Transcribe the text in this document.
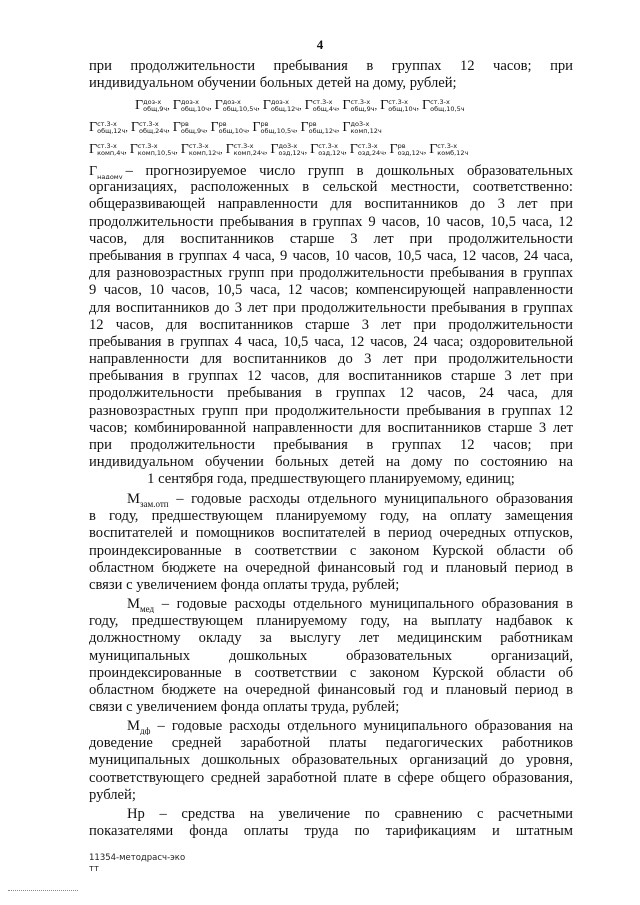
4
при продолжительности пребывания в группах 12 часов; при
индивидуальном обучении больных детей на дому, рублей;
Г доз-х
общ,9ч , Г доз-х
общ,10ч , Г доз-х
общ,10,5ч , Г доз-х
общ,12ч , Г ст.3-х
общ,4ч , Г ст.3-х
общ,9ч , Г ст.3-х
общ,10ч , Г ст.3-х
общ,10,5ч
Г ст.3-х
общ,12ч , Г ст.3-х
общ,24ч , Г рв
общ,9ч , Г рв
общ,10ч , Г рв
общ,10,5ч , Г рв
общ,12ч , Г до3-х
комп,12ч
Г ст.3-х
комп,4ч , Г ст.3-х
комп,10,5ч , Г ст.3-х
комп,12ч , Г ст.3-х
комп,24ч , Г до3-х
озд,12ч , Г ст.3-х
озд,12ч , Г ст.3-х
озд,24ч , Г рв
озд,12ч , Г ст.3-х
комб,12ч
$Г_{надому}$ – прогнозируемое число групп в дошкольных образовательных
организациях, расположенных в сельской местности, соответственно:
общеразвивающей направленности для воспитанников до 3 лет при
продолжительности пребывания в группах 9 часов, 10 часов, 10,5 часа, 12
часов, для воспитанников старше 3 лет при продолжительности
пребывания в группах 4 часа, 9 часов, 10 часов, 10,5 часа, 12 часов, 24 часа,
для разновозрастных групп при продолжительности пребывания в группах
9 часов, 10 часов, 10,5 часа, 12 часов; компенсирующей направленности
для воспитанников до 3 лет при продолжительности пребывания в группах
12 часов, для воспитанников старше 3 лет при продолжительности
пребывания в группах 4 часа, 10,5 часа, 12 часов, 24 часа; оздоровительной
направленности для воспитанников до 3 лет при продолжительности
пребывания в группах 12 часов, для воспитанников старше 3 лет при
продолжительности пребывания в группах 12 часов, 24 часа, для
разновозрастных групп при продолжительности пребывания в группах 12
часов; комбинированной направленности для воспитанников старше 3 лет
при продолжительности пребывания в группах 12 часов; при
индивидуальном обучении больных детей на дому по состоянию на
1 сентября года, предшествующего планируемому, единиц;
$М_{зам.отп}$ – годовые расходы отдельного муниципального образования
в году, предшествующем планируемому году, на оплату замещения
воспитателей и помощников воспитателей в период очередных отпусков,
проиндексированные в соответствии с законом Курской области об
областном бюджете на очередной финансовый год и плановый период в
связи с увеличением фонда оплаты труда, рублей;
$М_{мед}$ – годовые расходы отдельного муниципального образования в
году, предшествующем планируемому году, на выплату надбавок к
должностному окладу за выслугу лет медицинским работникам
муниципальных дошкольных образовательных организаций,
проиндексированные в соответствии с законом Курской области об
областном бюджете на очередной финансовый год и плановый период в
связи с увеличением фонда оплаты труда, рублей;
$М_{дф}$ – годовые расходы отдельного муниципального образования на
доведение средней заработной платы педагогических работников
муниципальных дошкольных образовательных организаций до уровня,
соответствующего средней заработной плате в сфере общего образования,
рублей;
Нр – средства на увеличение по сравнению с расчетными
показателями фонда оплаты труда по тарификациям и штатным
11354-методрасч-эко
тт
